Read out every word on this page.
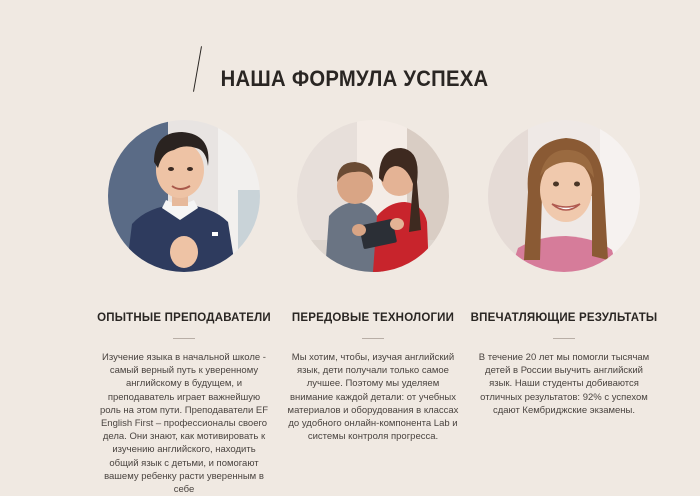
НАША ФОРМУЛА УСПЕХА
ОПЫТНЫЕ ПРЕПОДАВАТЕЛИ
Изучение языка в начальной школе - самый верный путь к уверенному английскому в будущем, и преподаватель играет важнейшую роль на этом пути. Преподаватели EF English First – профессионалы своего дела. Они знают, как мотивировать к изучению английского, находить общий язык с детьми, и помогают вашему ребенку расти уверенным в себе
ПЕРЕДОВЫЕ ТЕХНОЛОГИИ
Мы хотим, чтобы, изучая английский язык, дети получали только самое лучшее. Поэтому мы уделяем внимание каждой детали: от учебных материалов и оборудования в классах до удобного онлайн-компонента Lab и системы контроля прогресса.
ВПЕЧАТЛЯЮЩИЕ РЕЗУЛЬТАТЫ
В течение 20 лет мы помогли тысячам детей в России выучить английский язык. Наши студенты добиваются отличных результатов: 92% с успехом сдают Кембриджские экзамены.
